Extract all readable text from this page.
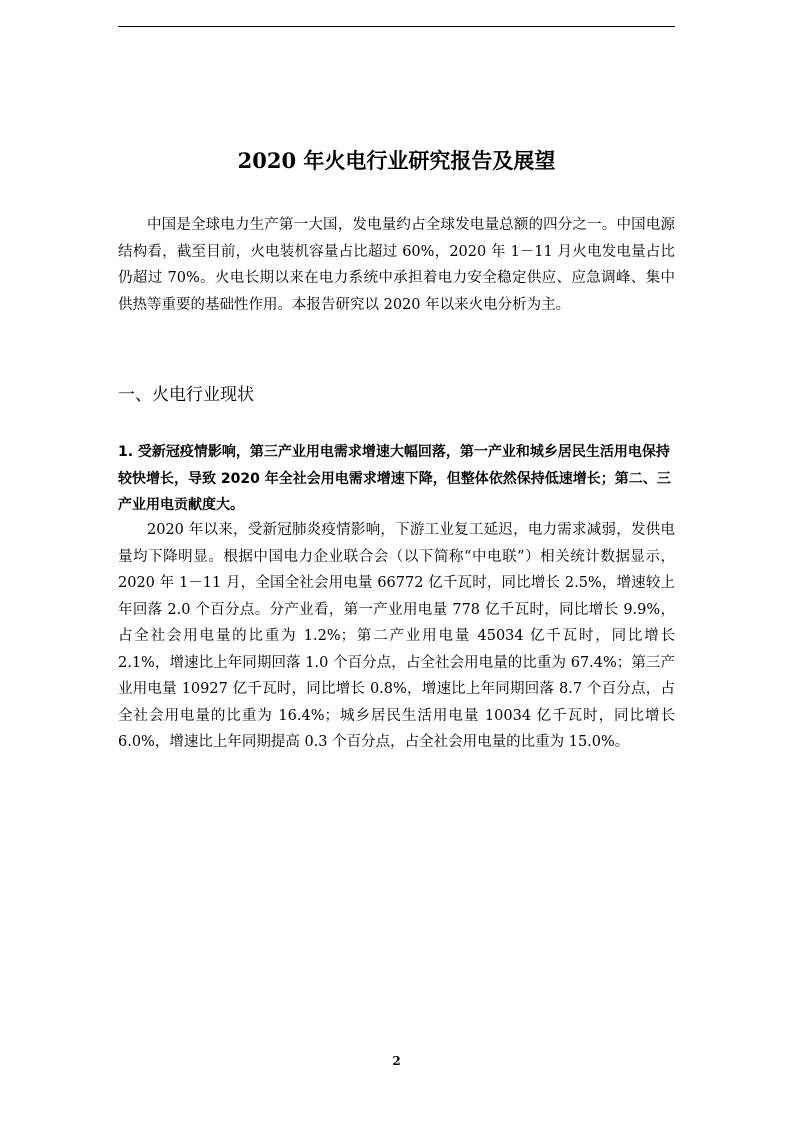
2020 年火电行业研究报告及展望

中国是全球电力生产第一大国，发电量约占全球发电量总额的四分之一。中国电源结构看，截至目前，火电装机容量占比超过 60%，2020 年 1－11 月火电发电量占比仍超过 70%。火电长期以来在电力系统中承担着电力安全稳定供应、应急调峰、集中供热等重要的基础性作用。本报告研究以 2020 年以来火电分析为主。

一、火电行业现状

1. 受新冠疫情影响，第三产业用电需求增速大幅回落，第一产业和城乡居民生活用电保持较快增长，导致 2020 年全社会用电需求增速下降，但整体依然保持低速增长；第二、三产业用电贡献度大。

2020 年以来，受新冠肺炎疫情影响，下游工业复工延迟，电力需求减弱，发供电量均下降明显。根据中国电力企业联合会（以下简称“中电联”）相关统计数据显示，2020 年 1－11 月，全国全社会用电量 66772 亿千瓦时，同比增长 2.5%，增速较上年回落 2.0 个百分点。分产业看，第一产业用电量 778 亿千瓦时，同比增长 9.9%，占全社会用电量的比重为 1.2%；第二产业用电量 45034 亿千瓦时，同比增长 2.1%，增速比上年同期回落 1.0 个百分点，占全社会用电量的比重为 67.4%；第三产业用电量 10927 亿千瓦时，同比增长 0.8%，增速比上年同期回落 8.7 个百分点，占全社会用电量的比重为 16.4%；城乡居民生活用电量 10034 亿千瓦时，同比增长 6.0%，增速比上年同期提高 0.3 个百分点，占全社会用电量的比重为 15.0%。

2
